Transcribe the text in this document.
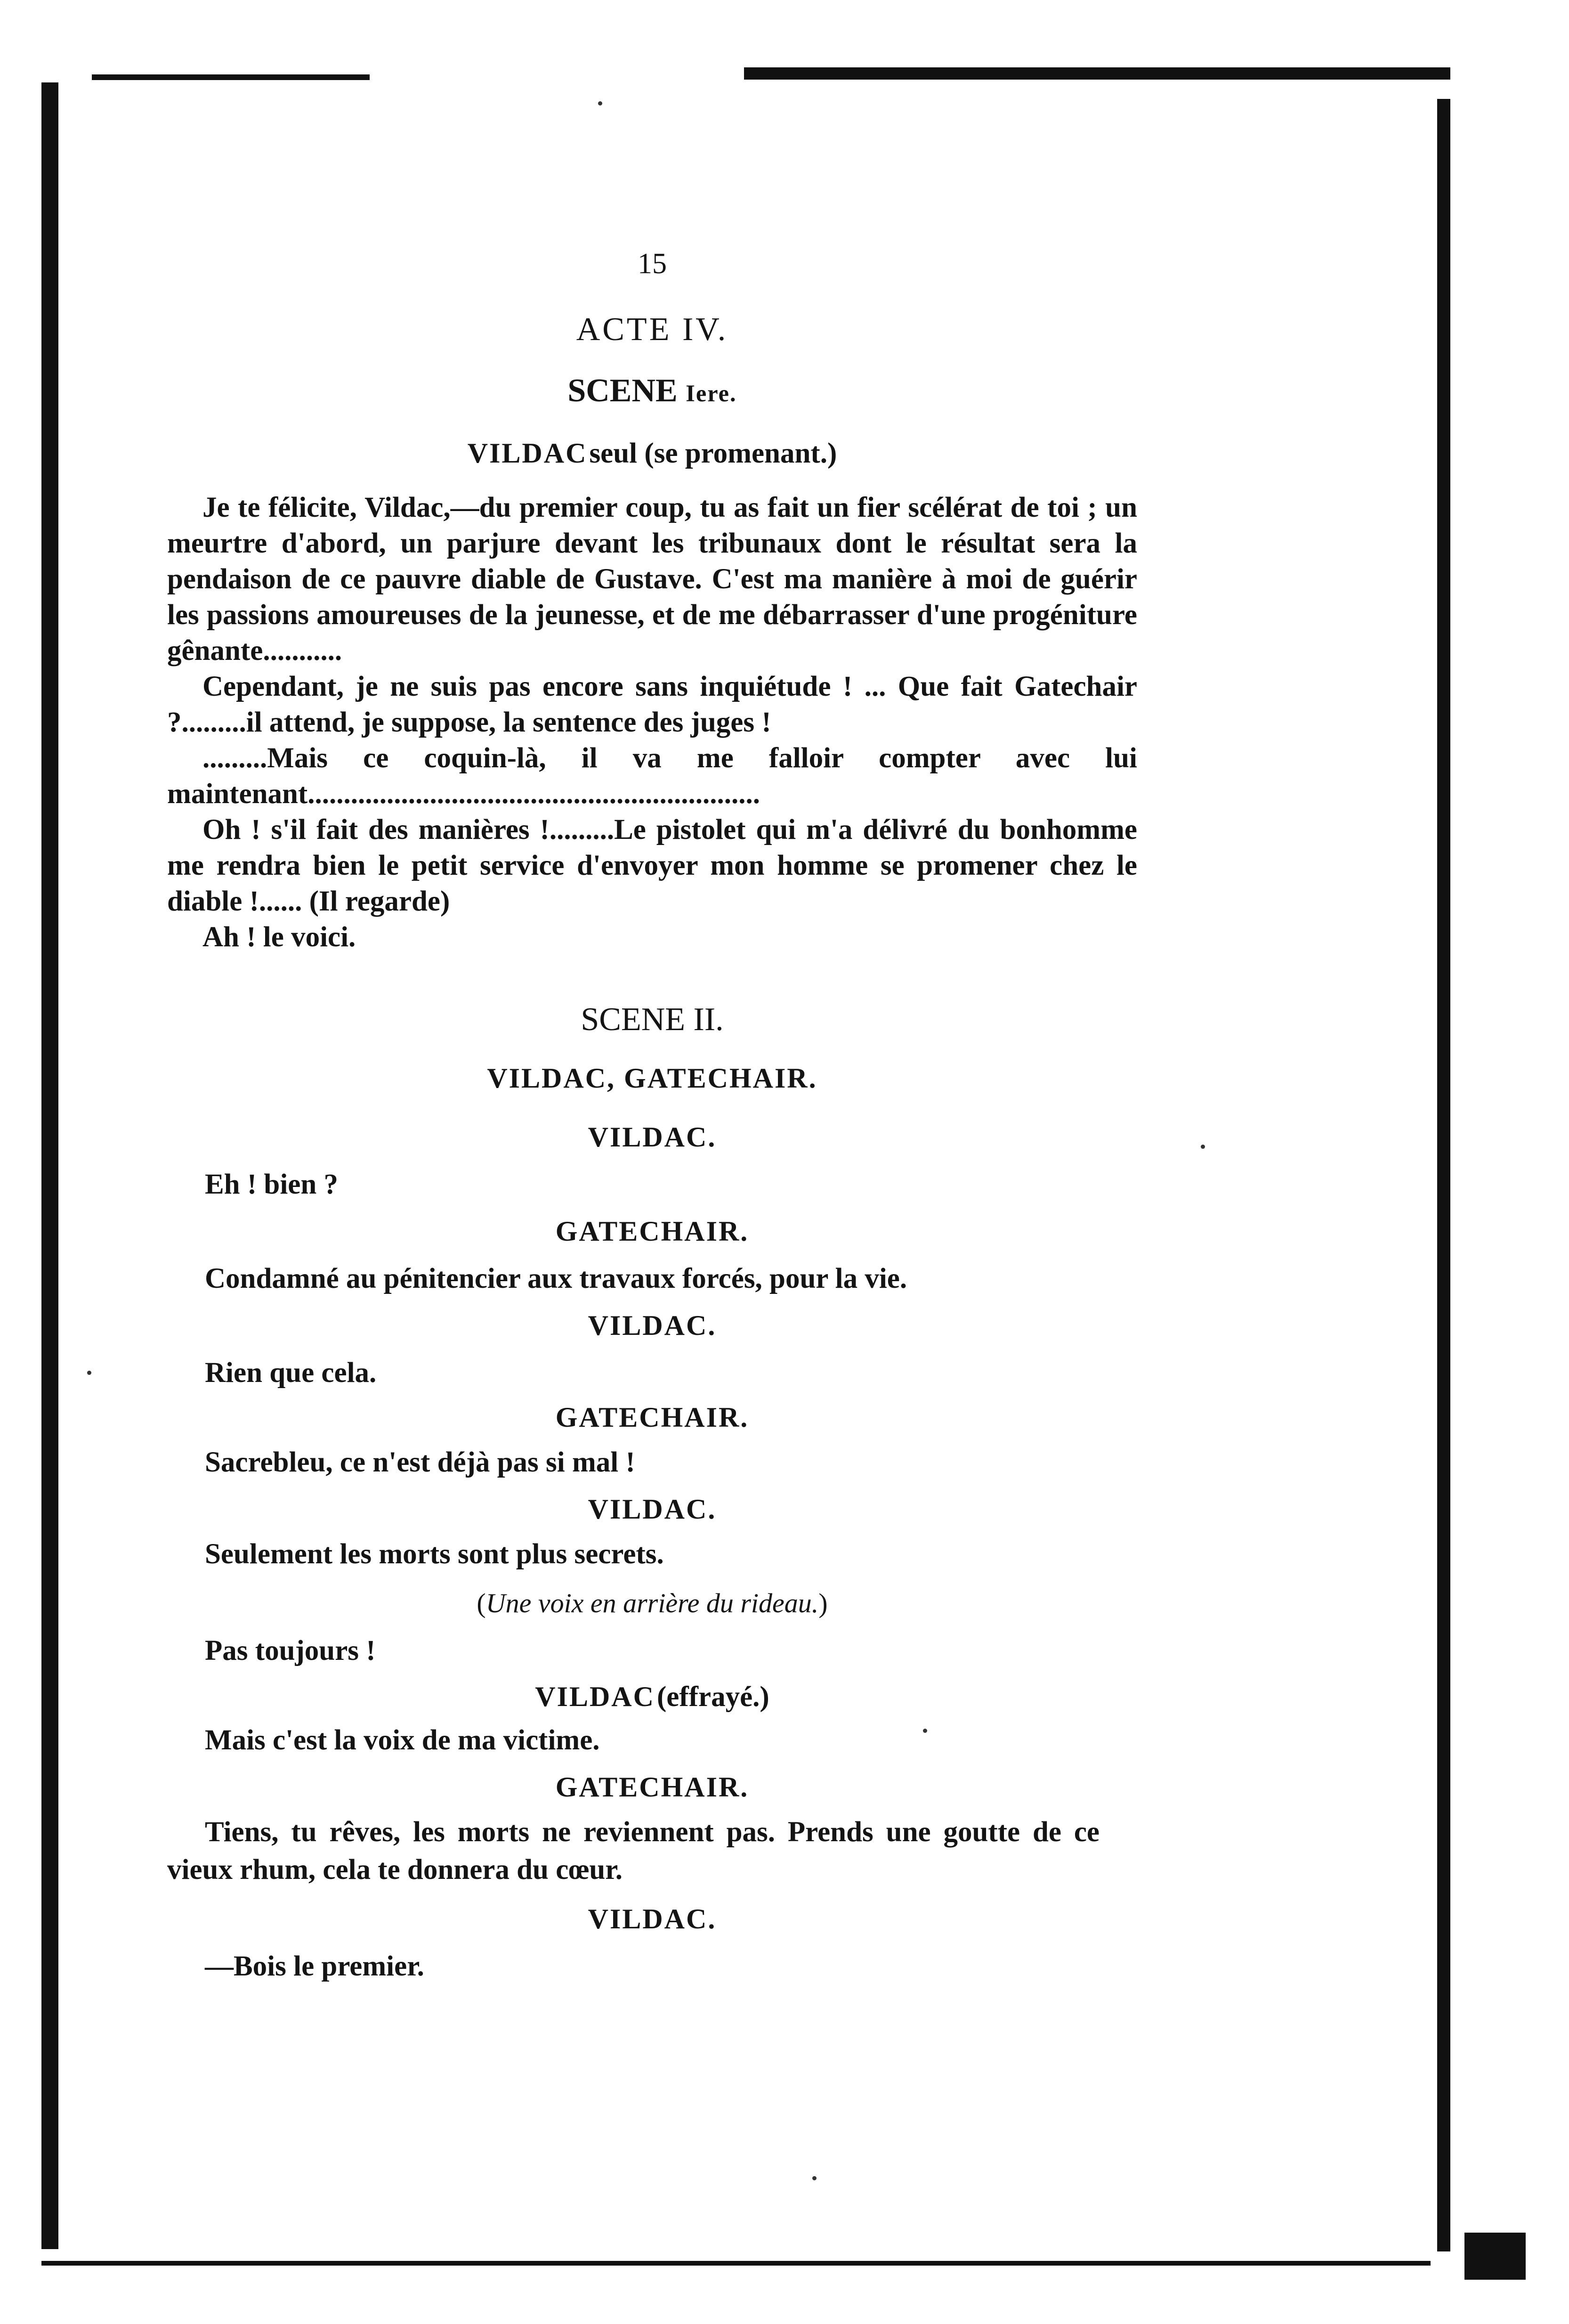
15
ACTE IV.
SCENE Iere.
VILDAC seul (se promenant.)

Je te félicite, Vildac,—du premier coup, tu as fait un fier scélérat de toi ; un meurtre d'abord, un parjure devant les tribunaux dont le résultat sera la pendaison de ce pauvre diable de Gustave. C'est ma manière à moi de guérir les passions amoureuses de la jeunesse, et de me débarrasser d'une progéniture gênante...........

Cependant, je ne suis pas encore sans inquiétude ! ... Que fait Gatechair ?.........il attend, je suppose, la sentence des juges !

.........Mais ce coquin-là, il va me falloir compter avec lui maintenant...............................................................

Oh ! s'il fait des manières !.........Le pistolet qui m'a délivré du bonhomme me rendra bien le petit service d'envoyer mon homme se promener chez le diable !...... (Il regarde)

Ah ! le voici.

SCENE II.
VILDAC, GATECHAIR.
VILDAC.
Eh ! bien ?
GATECHAIR.
Condamné au pénitencier aux travaux forcés, pour la vie.
VILDAC.
Rien que cela.
GATECHAIR.
Sacrebleu, ce n'est déjà pas si mal !
VILDAC.
Seulement les morts sont plus secrets.
(Une voix en arrière du rideau.)
Pas toujours !
VILDAC (effrayé.)
Mais c'est la voix de ma victime.
GATECHAIR.
Tiens, tu rêves, les morts ne reviennent pas. Prends une goutte de ce vieux rhum, cela te donnera du cœur.
VILDAC.
—Bois le premier.
